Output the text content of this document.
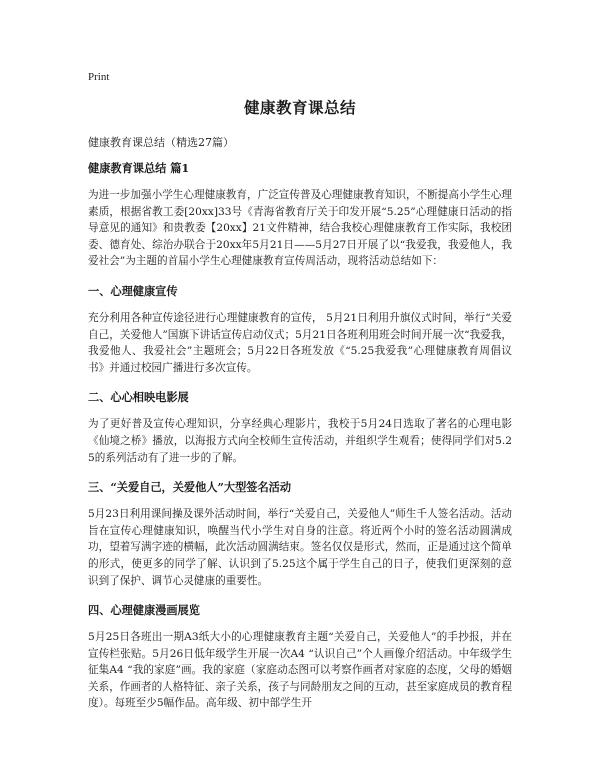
Print
健康教育课总结
健康教育课总结（精选27篇）

健康教育课总结 篇1

为进一步加强小学生心理健康教育，广泛宣传普及心理健康教育知识，不断提高小学生心理素质，根据省教工委[20xx]33号《青海省教育厅关于印发开展“5.25”心理健康日活动的指导意见的通知》和贵教委【20xx】21文件精神，结合我校心理健康教育工作实际，我校团委、德育处、综治办联合于20xx年5月21日——5月27日开展了以“我爱我，我爱他人，我爱社会”为主题的首届小学生心理健康教育宣传周活动，现将活动总结如下：

一、心理健康宣传

充分利用各种宣传途径进行心理健康教育的宣传， 5月21日利用升旗仪式时间，举行“关爱自己，关爱他人”国旗下讲话宣传启动仪式；5月21日各班利用班会时间开展一次“我爱我，我爱他人、我爱社会”主题班会；5月22日各班发放《“5.25我爱我”心理健康教育周倡议书》并通过校园广播进行多次宣传。

二、心心相映电影展

为了更好普及宣传心理知识，分享经典心理影片，我校于5月24日选取了著名的心理电影《仙境之桥》播放，以海报方式向全校师生宣传活动，并组织学生观看；使得同学们对5.25的系列活动有了进一步的了解。

三、“关爱自己，关爱他人”大型签名活动

5月23日利用课间操及课外活动时间，举行“关爱自己，关爱他人”师生千人签名活动。活动旨在宣传心理健康知识，唤醒当代小学生对自身的注意。将近两个小时的签名活动圆满成功，望着写满字迹的横幅，此次活动圆满结束。签名仅仅是形式，然而，正是通过这个简单的形式，使更多的同学了解、认识到了5.25这个属于学生自己的日子，使我们更深刻的意识到了保护、调节心灵健康的重要性。

四、心理健康漫画展览

5月25日各班出一期A3纸大小的心理健康教育主题“关爱自己，关爱他人”的手抄报，并在宣传栏张贴。5月26日低年级学生开展一次A4 “认识自己”个人画像介绍活动。中年级学生征集A4 “我的家庭”画。我的家庭（家庭动态图可以考察作画者对家庭的态度，父母的婚姻关系，作画者的人格特征、亲子关系，孩子与同龄朋友之间的互动，甚至家庭成员的教育程度）。每班至少5幅作品。高年级、初中部学生开
